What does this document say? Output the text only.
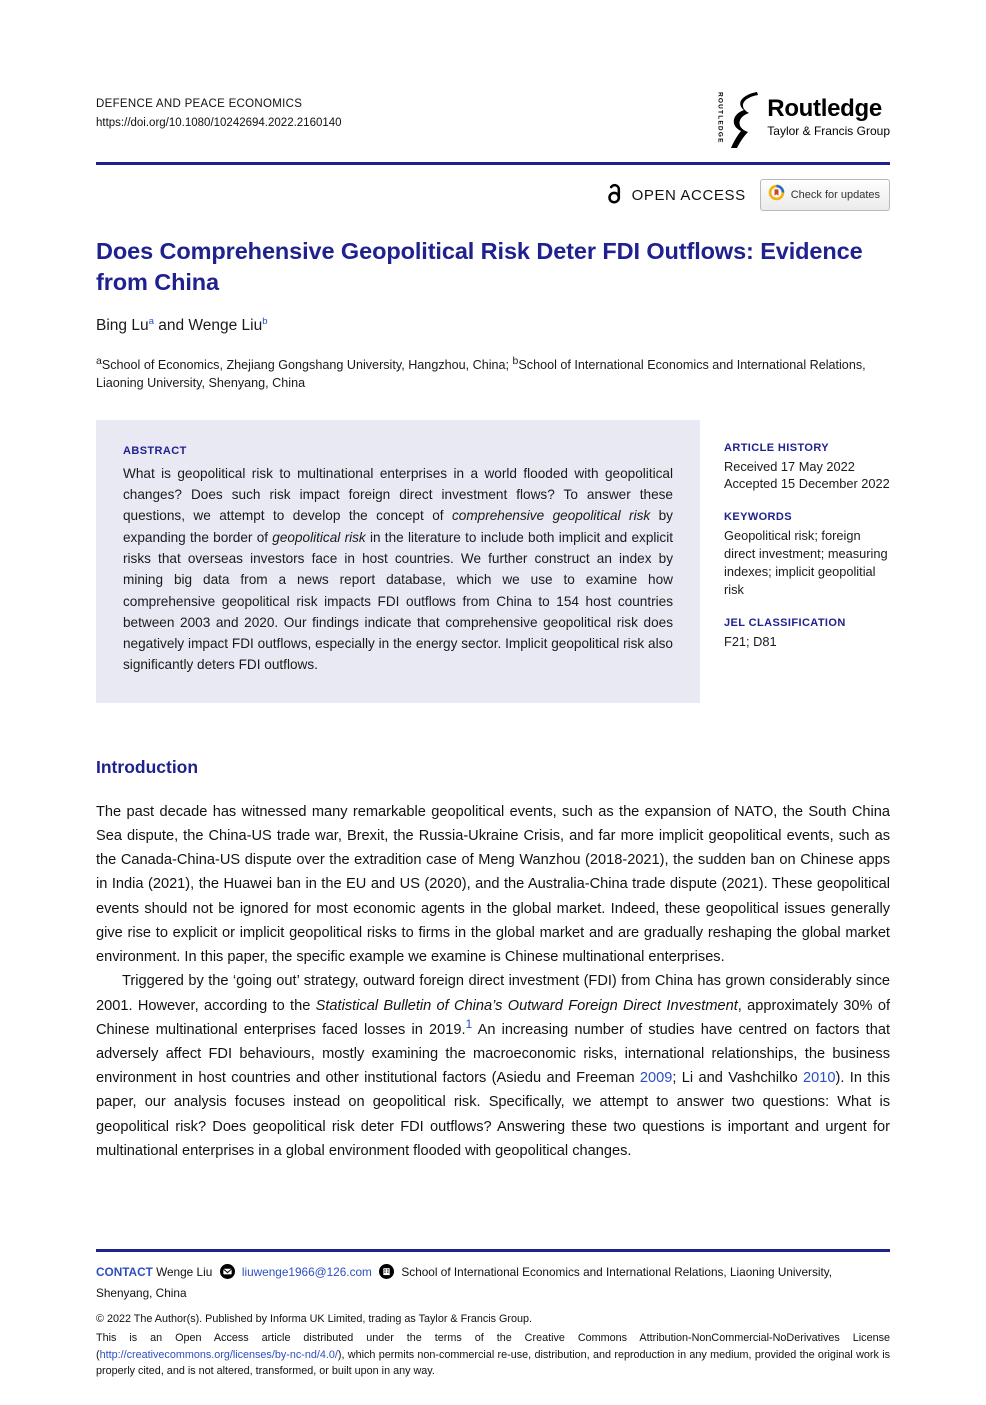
DEFENCE AND PEACE ECONOMICS
https://doi.org/10.1080/10242694.2022.2160140	ROUTLEDGE Routledge
Taylor & Francis Group
OPEN ACCESS	Check for updates
Does Comprehensive Geopolitical Risk Deter FDI Outflows: Evidence from China
Bing Lu$^a$ and Wenge Liu$^b$
$^a$School of Economics, Zhejiang Gongshang University, Hangzhou, China; $^b$School of International Economics and International Relations, Liaoning University, Shenyang, China
ABSTRACT
What is geopolitical risk to multinational enterprises in a world flooded with geopolitical changes? Does such risk impact foreign direct investment flows? To answer these questions, we attempt to develop the concept of comprehensive geopolitical risk by expanding the border of geopolitical risk in the literature to include both implicit and explicit risks that overseas investors face in host countries. We further construct an index by mining big data from a news report database, which we use to examine how comprehensive geopolitical risk impacts FDI outflows from China to 154 host countries between 2003 and 2020. Our findings indicate that comprehensive geopolitical risk does negatively impact FDI outflows, especially in the energy sector. Implicit geopolitical risk also significantly deters FDI outflows.
ARTICLE HISTORY
Received 17 May 2022
Accepted 15 December 2022
KEYWORDS
Geopolitical risk; foreign direct investment; measuring indexes; implicit geopolitial risk
JEL CLASSIFICATION
F21; D81
Introduction

The past decade has witnessed many remarkable geopolitical events, such as the expansion of NATO, the South China Sea dispute, the China-US trade war, Brexit, the Russia-Ukraine Crisis, and far more implicit geopolitical events, such as the Canada-China-US dispute over the extradition case of Meng Wanzhou (2018-2021), the sudden ban on Chinese apps in India (2021), the Huawei ban in the EU and US (2020), and the Australia-China trade dispute (2021). These geopolitical events should not be ignored for most economic agents in the global market. Indeed, these geopolitical issues generally give rise to explicit or implicit geopolitical risks to firms in the global market and are gradually reshaping the global market environment. In this paper, the specific example we examine is Chinese multinational enterprises.

Triggered by the ‘going out’ strategy, outward foreign direct investment (FDI) from China has grown considerably since 2001. However, according to the Statistical Bulletin of China’s Outward Foreign Direct Investment, approximately 30% of Chinese multinational enterprises faced losses in 2019.$^1$ An increasing number of studies have centred on factors that adversely affect FDI behaviours, mostly examining the macroeconomic risks, international relationships, the business environment in host countries and other institutional factors (Asiedu and Freeman 2009; Li and Vashchilko 2010). In this paper, our analysis focuses instead on geopolitical risk. Specifically, we attempt to answer two questions: What is geopolitical risk? Does geopolitical risk deter FDI outflows? Answering these two questions is important and urgent for multinational enterprises in a global environment flooded with geopolitical changes.

CONTACT Wenge Liu	liuwenge1966@126.com	School of International Economics and International Relations, Liaoning University, Shenyang, China
© 2022 The Author(s). Published by Informa UK Limited, trading as Taylor & Francis Group.
This is an Open Access article distributed under the terms of the Creative Commons Attribution-NonCommercial-NoDerivatives License (http://creativecommons.org/licenses/by-nc-nd/4.0/), which permits non-commercial re-use, distribution, and reproduction in any medium, provided the original work is properly cited, and is not altered, transformed, or built upon in any way.
